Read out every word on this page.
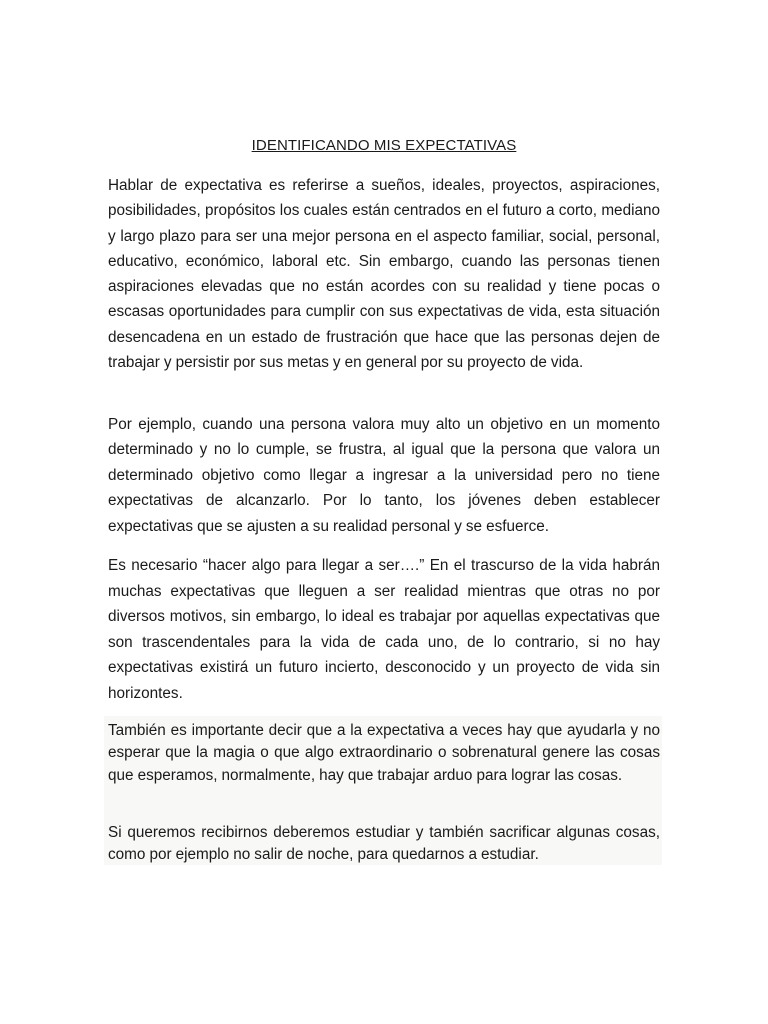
IDENTIFICANDO MIS EXPECTATIVAS

Hablar de expectativa es referirse a sueños, ideales, proyectos, aspiraciones, posibilidades, propósitos los cuales están centrados en el futuro a corto, mediano y largo plazo para ser una mejor persona en el aspecto familiar, social, personal, educativo, económico, laboral etc. Sin embargo, cuando las personas tienen aspiraciones elevadas que no están acordes con su realidad y tiene pocas o escasas oportunidades para cumplir con sus expectativas de vida, esta situación desencadena en un estado de frustración que hace que las personas dejen de trabajar y persistir por sus metas y en general por su proyecto de vida.

Por ejemplo, cuando una persona valora muy alto un objetivo en un momento determinado y no lo cumple, se frustra, al igual que la persona que valora un determinado objetivo como llegar a ingresar a la universidad pero no tiene expectativas de alcanzarlo. Por lo tanto, los jóvenes deben establecer expectativas que se ajusten a su realidad personal y se esfuerce.

Es necesario “hacer algo para llegar a ser….” En el trascurso de la vida habrán muchas expectativas que lleguen a ser realidad mientras que otras no por diversos motivos, sin embargo, lo ideal es trabajar por aquellas expectativas que son trascendentales para la vida de cada uno, de lo contrario, si no hay expectativas existirá un futuro incierto, desconocido y un proyecto de vida sin horizontes.

También es importante decir que a la expectativa a veces hay que ayudarla y no esperar que la magia o que algo extraordinario o sobrenatural genere las cosas que esperamos, normalmente, hay que trabajar arduo para lograr las cosas.

Si queremos recibirnos deberemos estudiar y también sacrificar algunas cosas, como por ejemplo no salir de noche, para quedarnos a estudiar.
